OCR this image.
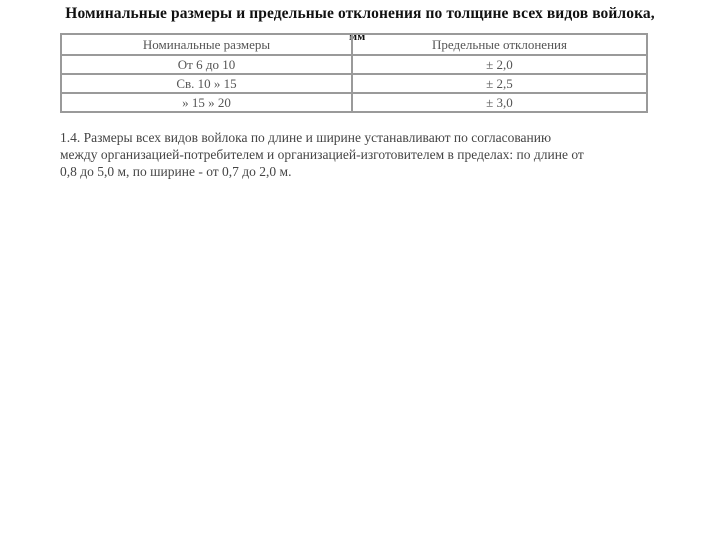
Номинальные размеры и предельные отклонения по толщине всех видов войлока,
мм
Номинальные размеры	Предельные отклонения
От 6 до 10	± 2,0
Св. 10 » 15	± 2,5
» 15 » 20	± 3,0
1.4. Размеры всех видов войлока по длине и ширине устанавливают по согласованию
между организацией-потребителем и организацией-изготовителем в пределах: по длине от
0,8 до 5,0 м, по ширине - от 0,7 до 2,0 м.
